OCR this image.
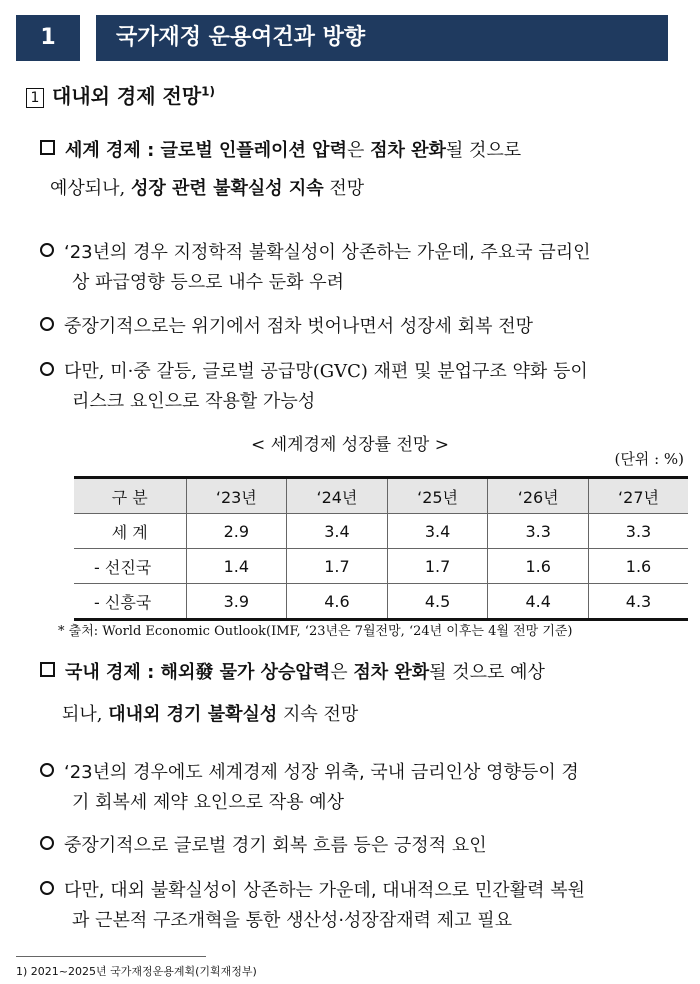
1	국가재정 운용여건과 방향
1 대내외 경제 전망$^{1)}$
세계 경제 : 글로벌 인플레이션 압력은 점차 완화될 것으로
예상되나, 성장 관련 불확실성 지속 전망
‘23년의 경우 지정학적 불확실성이 상존하는 가운데, 주요국 금리인
상 파급영향 등으로 내수 둔화 우려
중장기적으로는 위기에서 점차 벗어나면서 성장세 회복 전망
다만, 미·중 갈등, 글로벌 공급망(GVC) 재편 및 분업구조 약화 등이
리스크 요인으로 작용할 가능성
< 세계경제 성장률 전망 >
(단위 : %)
구 분	‘23년	‘24년	‘25년	‘26년	‘27년
세 계	2.9	3.4	3.4	3.3	3.3
- 선진국	1.4	1.7	1.7	1.6	1.6
- 신흥국	3.9	4.6	4.5	4.4	4.3
* 출처: World Economic Outlook(IMF, ‘23년은 7월전망, ‘24년 이후는 4월 전망 기준)
국내 경제 : 해외發 물가 상승압력은 점차 완화될 것으로 예상
되나, 대내외 경기 불확실성 지속 전망
‘23년의 경우에도 세계경제 성장 위축, 국내 금리인상 영향등이 경
기 회복세 제약 요인으로 작용 예상
중장기적으로 글로벌 경기 회복 흐름 등은 긍정적 요인
다만, 대외 불확실성이 상존하는 가운데, 대내적으로 민간활력 복원
과 근본적 구조개혁을 통한 생산성·성장잠재력 제고 필요
1) 2021~2025년 국가재정운용계획(기획재정부)
